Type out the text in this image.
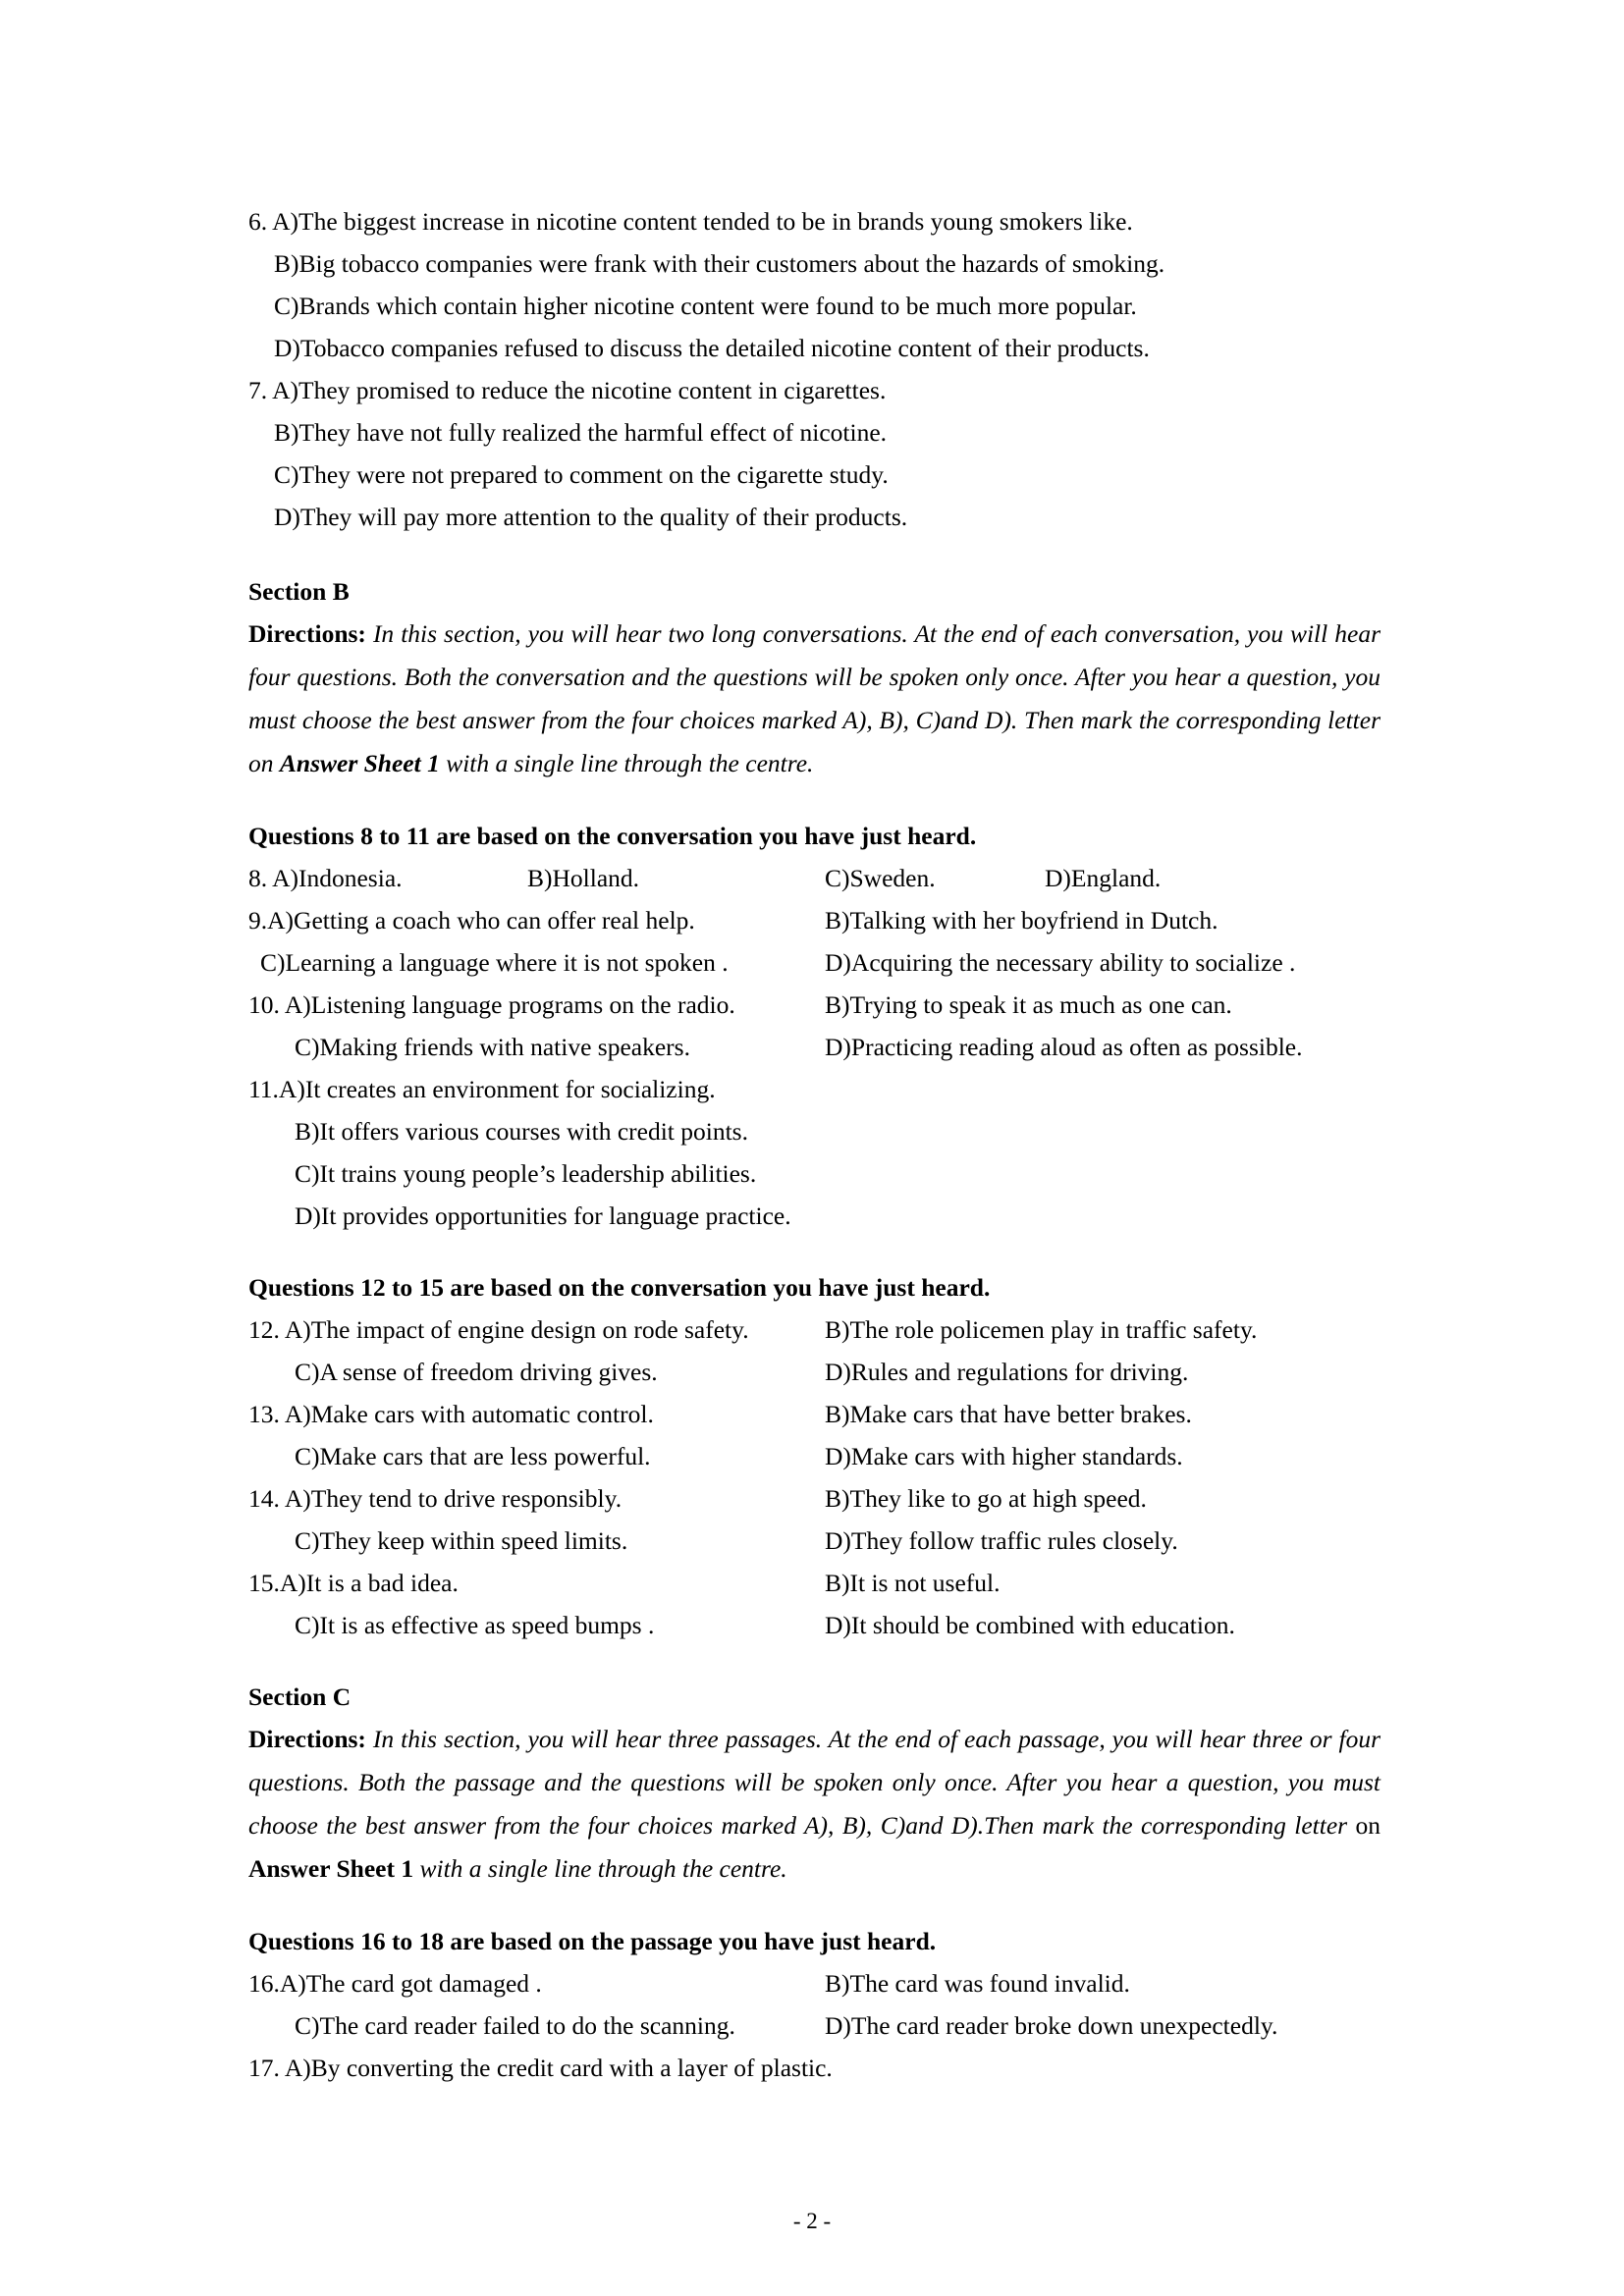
6. A)The biggest increase in nicotine content tended to be in brands young smokers like.
B)Big tobacco companies were frank with their customers about the hazards of smoking.
C)Brands which contain higher nicotine content were found to be much more popular.
D)Tobacco companies refused to discuss the detailed nicotine content of their products.
7. A)They promised to reduce the nicotine content in cigarettes.
B)They have not fully realized the harmful effect of nicotine.
C)They were not prepared to comment on the cigarette study.
D)They will pay more attention to the quality of their products.
Section B

Directions: In this section, you will hear two long conversations. At the end of each conversation, you will hear four questions. Both the conversation and the questions will be spoken only once. After you hear a question, you must choose the best answer from the four choices marked A), B), C)and D). Then mark the corresponding letter on Answer Sheet 1 with a single line through the centre.

Questions 8 to 11 are based on the conversation you have just heard.
8. A)Indonesia.	B)Holland.	C)Sweden.	D)England.
9.A)Getting a coach who can offer real help.	B)Talking with her boyfriend in Dutch.
C)Learning a language where it is not spoken .	D)Acquiring the necessary ability to socialize .
10. A)Listening language programs on the radio.	B)Trying to speak it as much as one can.
C)Making friends with native speakers.	D)Practicing reading aloud as often as possible.
11.A)It creates an environment for socializing.
B)It offers various courses with credit points.
C)It trains young people’s leadership abilities.
D)It provides opportunities for language practice.
Questions 12 to 15 are based on the conversation you have just heard.
12. A)The impact of engine design on rode safety.	B)The role policemen play in traffic safety.
C)A sense of freedom driving gives.	D)Rules and regulations for driving.
13. A)Make cars with automatic control.	B)Make cars that have better brakes.
C)Make cars that are less powerful.	D)Make cars with higher standards.
14. A)They tend to drive responsibly.	B)They like to go at high speed.
C)They keep within speed limits.	D)They follow traffic rules closely.
15.A)It is a bad idea.	B)It is not useful.
C)It is as effective as speed bumps .	D)It should be combined with education.
Section C

Directions: In this section, you will hear three passages. At the end of each passage, you will hear three or four questions. Both the passage and the questions will be spoken only once. After you hear a question, you must choose the best answer from the four choices marked A), B), C)and D).Then mark the corresponding letter on Answer Sheet 1 with a single line through the centre.

Questions 16 to 18 are based on the passage you have just heard.
16.A)The card got damaged .	B)The card was found invalid.
C)The card reader failed to do the scanning.	D)The card reader broke down unexpectedly.
17. A)By converting the credit card with a layer of plastic.
- 2 -
